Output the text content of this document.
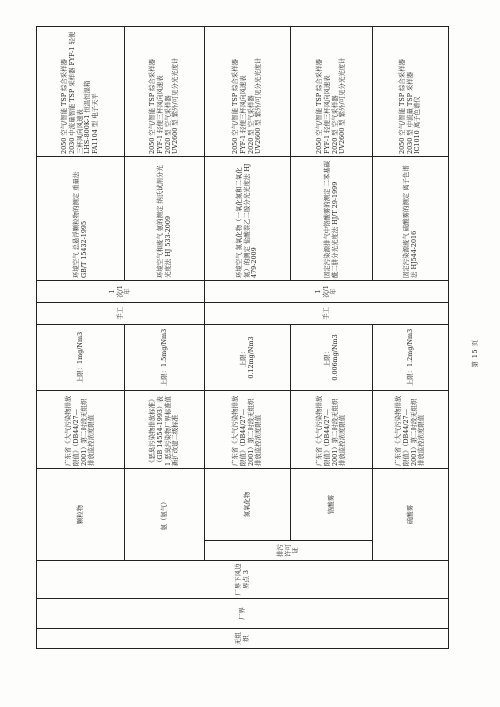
无组织	厂界	厂界下风边界点 3	颗粒物		广东省《大气污染物排放限值》（DB44/27—2001）第二时段无组织排放监控浓度限值	上限：1mg/Nm3	手工	1 次/1 年	环境空气 总悬浮颗粒物的测定 重量法 GB/T 15432-1995	2050 空气/智能 TSP 综合采样器
2030 中流量智能 TSP 采样器 FYF-1 轻便三杯风向风速表
LHS-800K-1 恒温恒湿箱
FA1104 型 电子天平
			氨（氨气）		《恶臭污染物排放标准》（GB 14554-1993）表 1 恶臭污染物厂界标准值新扩改建二级标准	上限：1.5mg/Nm3			环境空气和废气 氨的测定 纳氏试剂分光光度法 HJ 533-2009	2050 空气/智能 TSP 综合采样器
FYF-1 轻便三杯风向风速表
2020 型 空气采样器
UV2600 型 紫外/可见分光光度计
			排污许可证	氮氧化物	广东省《大气污染物排放限值》（DB44/27—2001）第二时段无组织排放监控浓度限值	上限：0.12mg/Nm3	手工	1 次/1 年	环境空气 氮氧化物（一氧化氮和二氧化氮）的测定 盐酸萘乙二胺分光光度法 HJ 479-2009	2050 空气/智能 TSP 综合采样器
FYF-1 轻便三杯风向风速表
2020 型 空气采样器
UV2600 型 紫外/可见分光光度计
				铬酸雾	广东省《大气污染物排放限值》（DB44/27—2001）第二时段无组织排放监控浓度限值	上限：0.006mg/Nm3			固定污染源排气中铬酸雾的测定 二苯基碳酰二肼分光光度法 HJ/T 29-1999	2050 空气/智能 TSP 综合采样器
FYF-1 轻便三杯风向风速表
2020 型 空气采样器
UV2600 型 紫外/可见分光光度计
			硫酸雾		广东省《大气污染物排放限值》（DB44/27—2001）第二时段无组织排放监控浓度限值	上限：1.2mg/Nm3			固定污染源废气 硫酸雾的测定 离子色谱法 HJ544-2016	2050 空气/智能 TSP 综合采样器
2030 型 中流量 TSP 采样器
IC1010 离子色谱仪
第 15 页
